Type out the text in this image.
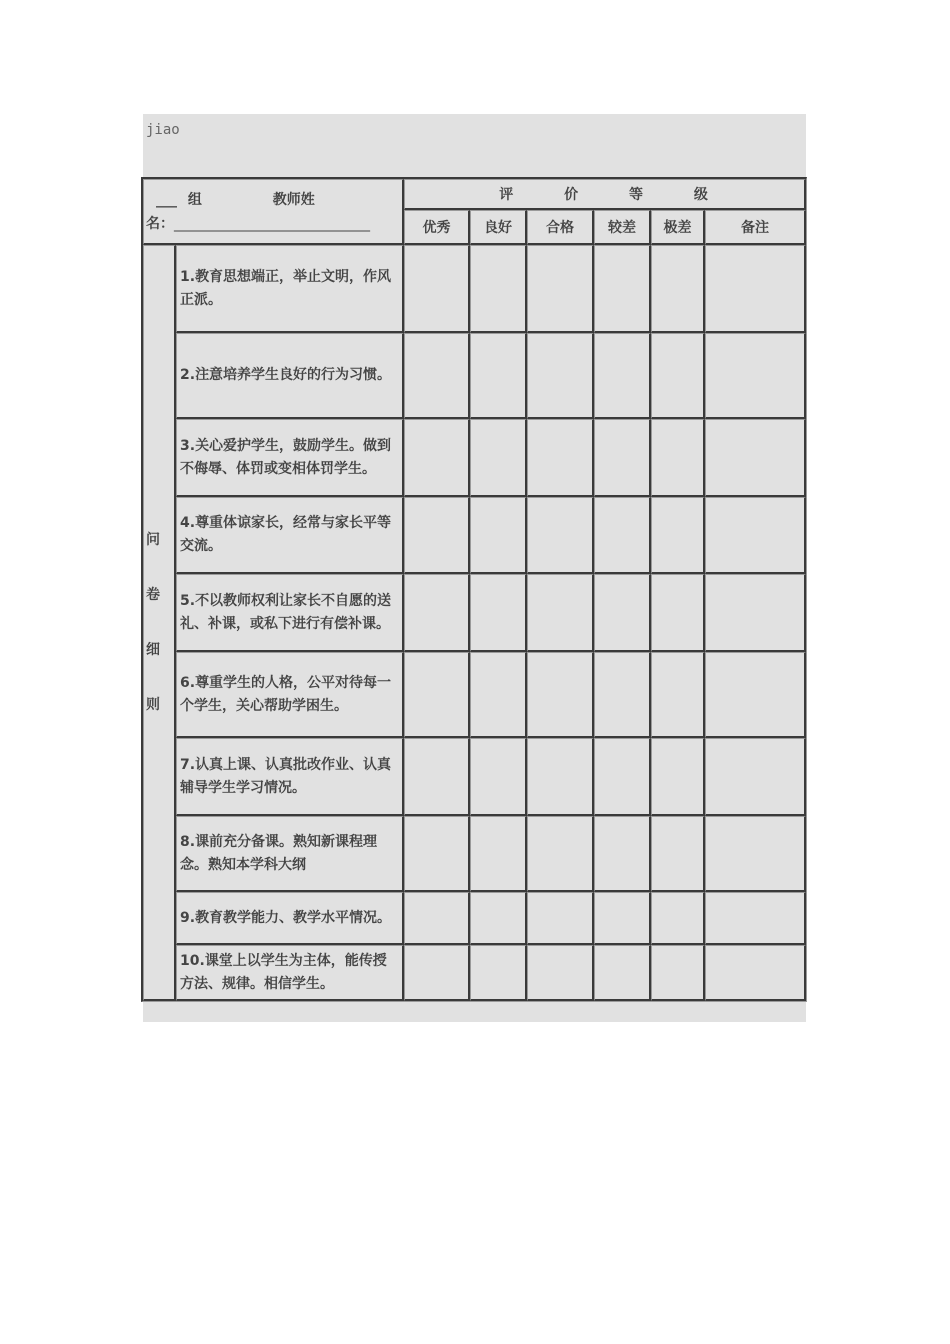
jiao
___ 组 教师姓
名：____________________________		评 价 等 级					
		优秀	良好	合格	较差	极差	备注

问
卷
细
则	1.教育思想端正，举止文明，作风正派。						
	2.注意培养学生良好的行为习惯。						
	3.关心爱护学生，鼓励学生。做到不侮辱、体罚或变相体罚学生。						
	4.尊重体谅家长，经常与家长平等交流。						
	5.不以教师权利让家长不自愿的送礼、补课，或私下进行有偿补课。						
	6.尊重学生的人格，公平对待每一个学生，关心帮助学困生。						
	7.认真上课、认真批改作业、认真辅导学生学习情况。						
	8.课前充分备课。熟知新课程理念。熟知本学科大纲						
	9.教育教学能力、教学水平情况。						
	10.课堂上以学生为主体，能传授方法、规律。相信学生。						
